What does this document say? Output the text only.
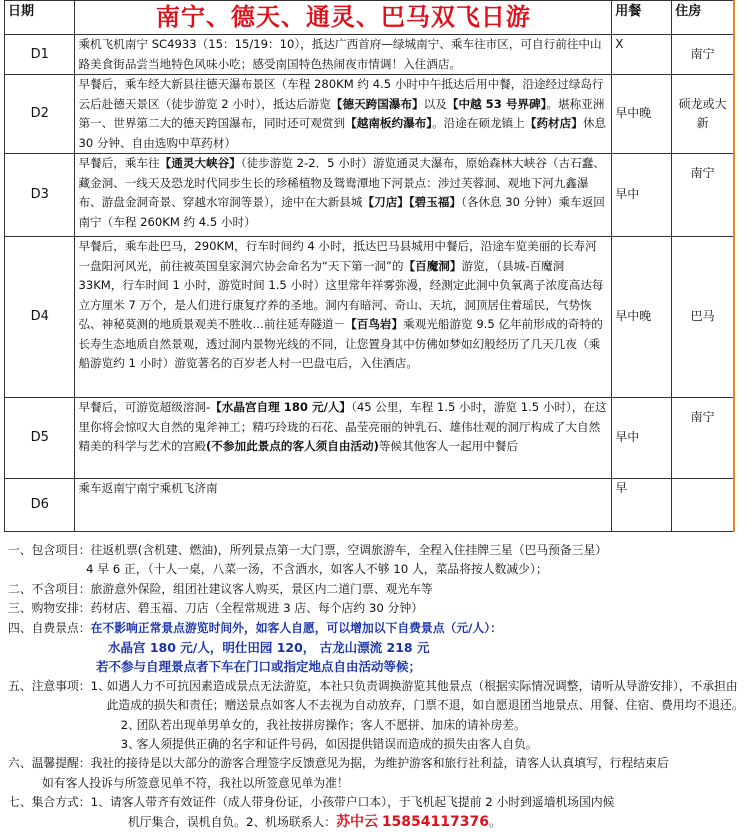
日期	南宁、德天、通灵、巴马双飞日游	用餐	住房
D1	乘机飞机南宁 SC4933（15：15/19：10），抵达广西首府—绿城南宁、乘车往市区，可自行前往中山路美食街品尝当地特色风味小吃；感受南国特色热闹夜市情调！入住酒店。	X	南宁
D2	早餐后，乘车经大新县往德天瀑布景区（车程 280KM 约 4.5 小时中午抵达后用中餐，沿途经过绿岛行云后赴德天景区（徒步游览 2 小时），抵达后游览【德天跨国瀑布】以及【中越 53 号界碑】。堪称亚洲第一、世界第二大的德天跨国瀑布，同时还可观赏到【越南板约瀑布】。沿途在硕龙镇上【药材店】休息 30 分钟、自由选购中草药材）	早中晚	硕龙或大新
D3	早餐后，乘车往【通灵大峡谷】（徒步游览 2-2．5 小时）游览通灵大瀑布，原始森林大峡谷（古石蠢、藏金洞、一线天及恐龙时代同步生长的珍稀植物及鸳鸯潭地下河景点：涉过芙蓉洞、观地下河九鑫瀑布、游盘金洞奇景、穿越水帘洞等景），途中在大新县城【刀店】【碧玉福】（各休息 30 分钟）乘车返回南宁（车程 260KM 约 4.5 小时）	早中	南宁
D4	早餐后，乘车赴巴马，290KM，行车时间约 4 小时，抵达巴马县城用中餐后，沿途车览美丽的长寿河一盘阳河风光，前往被英国皇家洞穴协会命名为“天下第一洞”的【百魔洞】游览，（县城-百魔洞 33KM，行车时间 1 小时，游览时间 1.5 小时）这里常年祥雾弥漫，经测定此洞中负氧离子浓度高达每立方厘米 7 万个，是人们进行康复疗养的圣地。洞内有暗河、奇山、天坑，洞顶居住着瑶民，气势恢弘、神秘莫测的地质景观美不胜收…前往延寿隧道－【百鸟岩】乘观光船游览 9.5 亿年前形成的奇特的长寿生态地质自然景观，透过洞内景物光线的不同，让您置身其中仿佛如梦如幻般经历了几天几夜（乘船游览约 1 小时）游览著名的百岁老人村一巴盘屯后，入住酒店。	早中晚	巴马
D5	早餐后，可游览超级溶洞-【水晶宫自理 180 元/人】（45 公里，车程 1.5 小时，游览 1.5 小时），在这里你将会惊叹大自然的鬼斧神工；精巧玲珑的石花、晶莹亮丽的钟乳石、雄伟壮观的洞厅构成了大自然精美的科学与艺术的宫殿(不参加此景点的客人须自由活动)等候其他客人一起用中餐后	早中	南宁
D6	乘车返南宁南宁乘机飞济南	早	
一、包含项目： 往返机票(含机建、燃油)，所列景点第一大门票，空调旅游车，全程入住挂牌三星（巴马预备三星）
4 早 6 正，（十人一桌，八菜一汤，不含酒水，如客人不够 10 人，菜品将按人数减少）；
二、不含项目： 旅游意外保险，组团社建议客人购买，景区内二道门票、观光车等
三、购物安排： 药材店、碧玉福、刀店（全程常规进 3 店、每个店约 30 分钟）
四、自费景点： 在不影响正常景点游览时间外，如客人自愿，可以增加以下自费景点（元/人）：
水晶宫 180 元/人，明仕田园 120， 古龙山漂流 218 元
若不参与自理景点者下车在门口或指定地点自由活动等候；
五、注意事项： 1、
如遇人力不可抗因素造成景点无法游览，本社只负责调换游览其他景点（根据实际情况调整，请听从导游安排），不承担由此造成的损失和责任；赠送景点如客人不去视为自动放弃，门票不退，如自愿退团当地景点、用餐、住宿、费用均不退还。
2、
团队若出现单男单女的，我社按拼房操作；客人不愿拼、加床的请补房差。
3、
客人须提供正确的名字和证件号码，如因提供错误而造成的损失由客人自负。
六、温馨提醒： 我社的接待是以大部分的游客合理签字反馈意见为据，为维护游客和旅行社利益，请客人认真填写，行程结束后
如有客人投诉与所签意见单不符，我社以所签意见单为准！
七、集合方式： 1、请客人带齐有效证件（成人带身份证，小孩带户口本），于飞机起飞提前 2 小时到遥墙机场国内候
机厅集合，误机自负。2、机场联系人：苏中云 15854117376。
